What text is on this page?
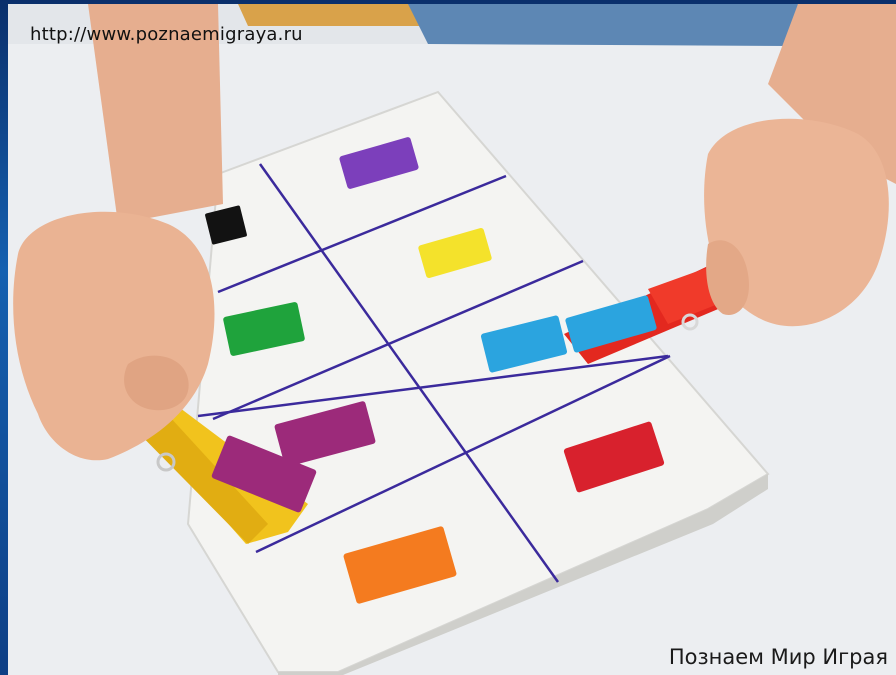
http://www.poznaemigraya.ru
Познаем Мир Играя
